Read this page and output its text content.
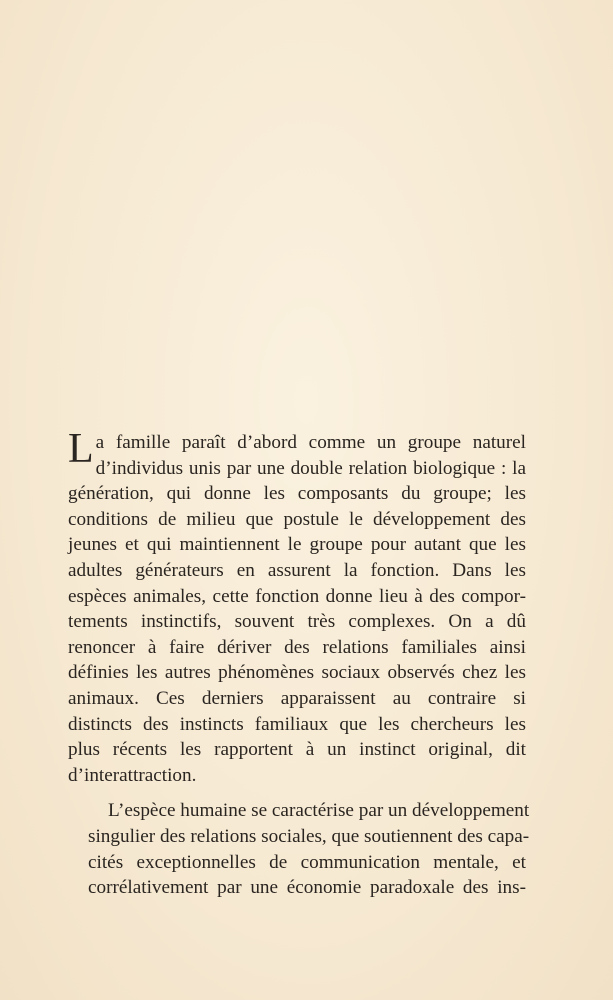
L a famille paraît d’abord comme un groupe naturel
d’individus unis par une double relation biologique : la
génération, qui donne les composants du groupe; les
conditions de milieu que postule le développement des
jeunes et qui maintiennent le groupe pour autant que les
adultes générateurs en assurent la fonction. Dans les
espèces animales, cette fonction donne lieu à des compor-
tements instinctifs, souvent très complexes. On a dû
renoncer à faire dériver des relations familiales ainsi
définies les autres phénomènes sociaux observés chez les
animaux. Ces derniers apparaissent au contraire si
distincts des instincts familiaux que les chercheurs les
plus récents les rapportent à un instinct original, dit
d’interattraction.
L’espèce humaine se caractérise par un développement
singulier des relations sociales, que soutiennent des capa-
cités exceptionnelles de communication mentale, et
corrélativement par une économie paradoxale des ins-
